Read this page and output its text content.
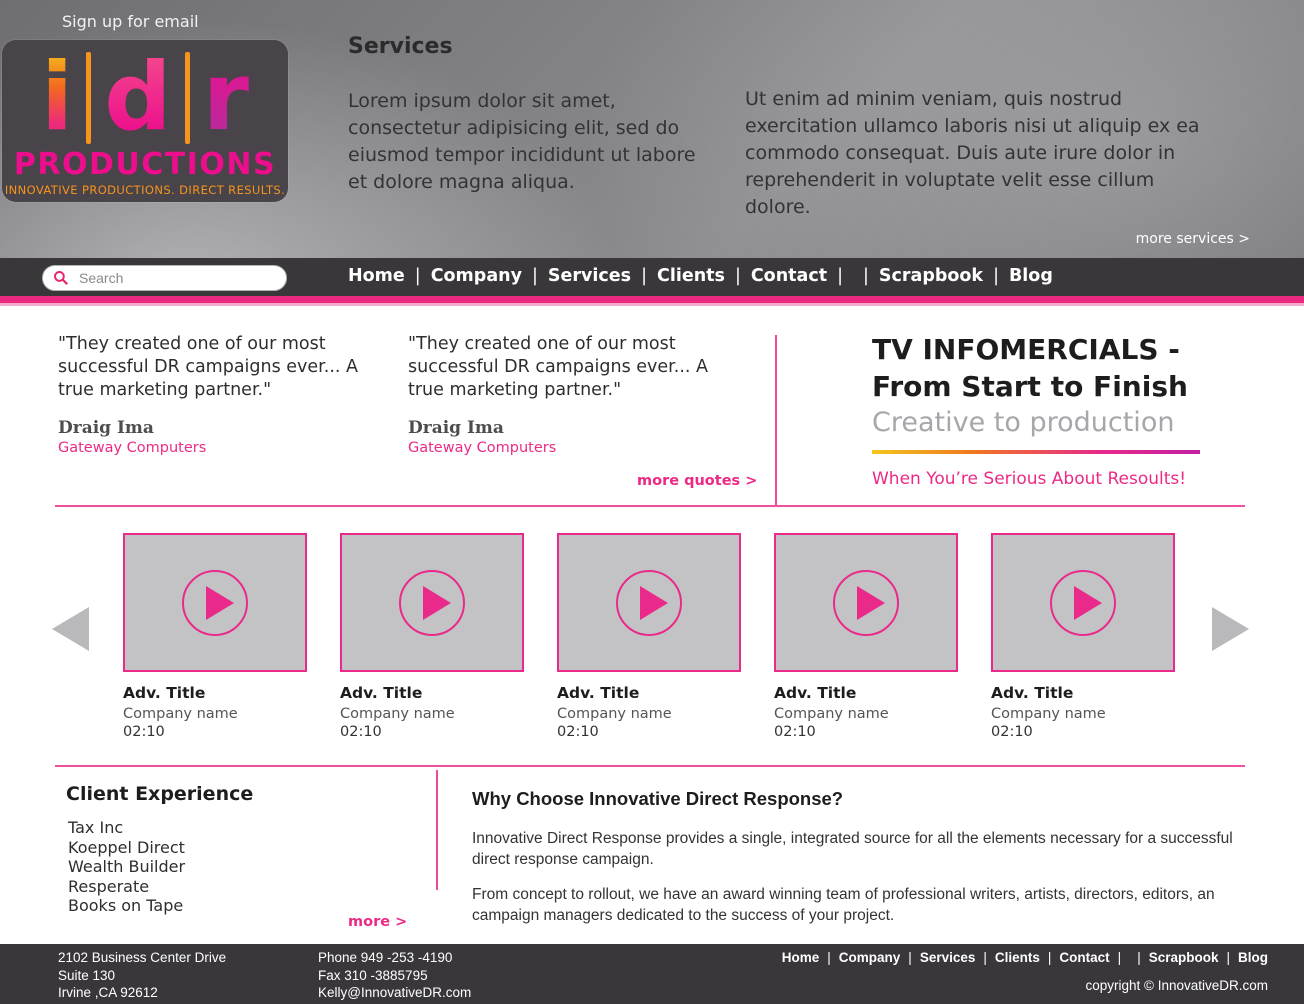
Sign up for email
i d r
PRODUCTIONS
INNOVATIVE PRODUCTIONS. DIRECT RESULTS.
Services
Lorem ipsum dolor sit amet, consectetur adipisicing elit, sed do eiusmod tempor incididunt ut labore et dolore magna aliqua.
Ut enim ad minim veniam, quis nostrud exercitation ullamco laboris nisi ut aliquip ex ea commodo consequat. Duis aute irure dolor in reprehenderit in voluptate velit esse cillum dolore.
more services >
Search
Home | Company | Services | Clients | Contact | | Scrapbook | Blog
"They created one of our most successful DR campaigns ever... A true marketing partner."
Draig Ima
Gateway Computers
"They created one of our most successful DR campaigns ever... A true marketing partner."
Draig Ima
Gateway Computers
more quotes >
TV INFOMERCIALS -
From Start to Finish
Creative to production
When You’re Serious About Resoults!
Adv. Title
Company name
02:10
Adv. Title
Company name
02:10
Adv. Title
Company name
02:10
Adv. Title
Company name
02:10
Adv. Title
Company name
02:10
Client Experience
Tax Inc
Koeppel Direct
Wealth Builder
Resperate
Books on Tape
more >
Why Choose Innovative Direct Response?
Innovative Direct Response provides a single, integrated source for all the elements necessary for a successful direct response campaign.
From concept to rollout, we have an award winning team of professional writers, artists, directors, editors, an campaign managers dedicated to the success of your project.
2102 Business Center Drive
Suite 130
Irvine ,CA 92612
Phone 949 -253 -4190
Fax 310 -3885795
Kelly@InnovativeDR.com
Home | Company | Services | Clients | Contact | | Scrapbook | Blog
copyright © InnovativeDR.com
